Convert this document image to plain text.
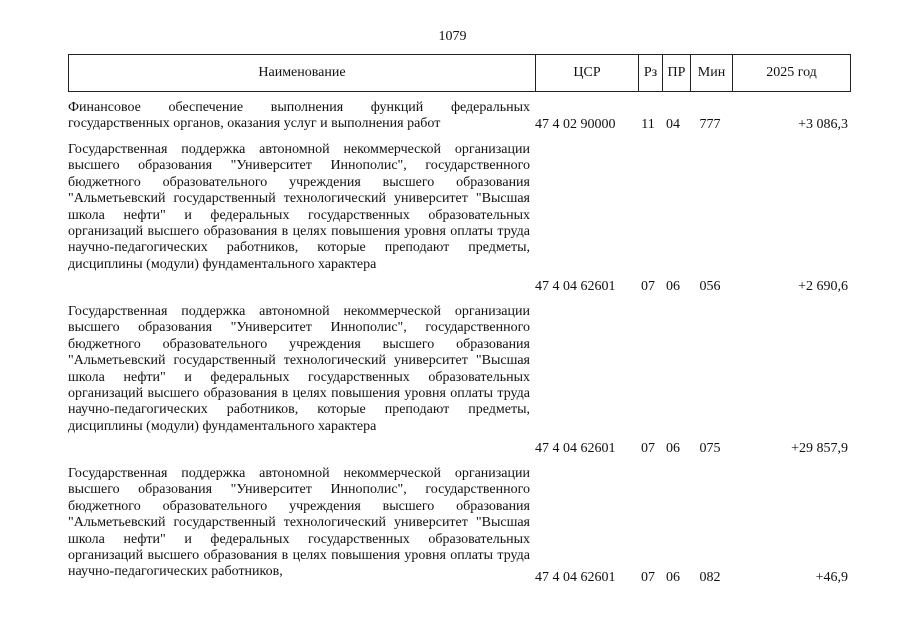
1079
Наименование	ЦСР	Рз	ПР	Мин	2025 год
Финансовое обеспечение выполнения функций федеральных государственных органов, оказания услуг и выполнения работ	47 4 02 90000	11 04	777	+3 086,3
Государственная поддержка автономной некоммерческой организации высшего образования "Университет Иннополис", государственного бюджетного образовательного учреждения высшего образования "Альметьевский государственный технологический университет "Высшая школа нефти" и федеральных государственных образовательных организаций высшего образования в целях повышения уровня оплаты труда научно-педагогических работников, которые преподают предметы, дисциплины (модули) фундаментального характера
47 4 04 62601	07 06	056	+2 690,6
Государственная поддержка автономной некоммерческой организации высшего образования "Университет Иннополис", государственного бюджетного образовательного учреждения высшего образования "Альметьевский государственный технологический университет "Высшая школа нефти" и федеральных государственных образовательных организаций высшего образования в целях повышения уровня оплаты труда научно-педагогических работников, которые преподают предметы, дисциплины (модули) фундаментального характера
47 4 04 62601	07 06	075	+29 857,9
Государственная поддержка автономной некоммерческой организации высшего образования "Университет Иннополис", государственного бюджетного образовательного учреждения высшего образования "Альметьевский государственный технологический университет "Высшая школа нефти" и федеральных государственных образовательных организаций высшего образования в целях повышения уровня оплаты труда научно-педагогических работников,	47 4 04 62601	07 06	082	+46,9
